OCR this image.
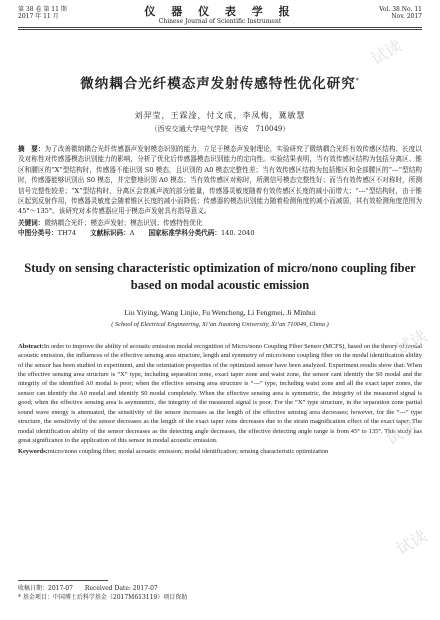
第 38 卷 第 11 期
2017 年 11 月	仪 器 仪 表 学 报
Chinese Journal of Scientific Instrument
Vol. 38 No. 11
Nov. 2017
微纳耦合光纤模态声发射传感特性优化研究*
刘羿莹，王霖淦，付文成，李凤梅，冀敏慧
（西安交通大学电气学院　西安　710049）
摘　要：为了改善微纳耦合光纤传感器声发射模态识别的能力，立足于模态声发射理论，实验研究了微纳耦合光纤有效传感区结构、长度以及对称性对传感器模态识别能力的影响，分析了优化后传感器模态识别能力的定向性。实验结果表明，当有效传感区结构为包括分离区、锥区和腰区的“X”型结构时，传感器不能识别 S0 模态，且识别的 A0 模态完整性差；当有效传感区结构为包括锥区和全部腰区的“---”型结构时，传感器能够识别出 S0 模态，并完整地识别 A0 模态；当有效传感区对称时，所测信号模态完整性好；而当有效传感区不对称时，所测信号完整性较差；“X”型结构时，分离区会衰减声波的部分能量，传感器灵敏度随着有效传感区长度的减小而增大；“---”型结构时，由于锥区起到反射作用，传感器灵敏度会随着锥区长度的减小而降低；传感器的模态识别能力随着检测角度的减小而减弱，其有效检测角度范围为 45°～135°。该研究对本传感器应用于模态声发射具有指导意义。
关键词：微纳耦合光纤；模态声发射；模态识别；传感特性优化
中图分类号：TH74 文献标识码：A 国家标准学科分类代码：140. 2040
Study on sensing characteristic optimization of micro/nono coupling fiber based on modal acoustic emission
Liu Yiying, Wang Linjie, Fu Wencheng, Li Fengmei, Ji Minhui
( School of Electrical Engineering, Xi’an Jiaotong University, Xi’an 710049, China )
Abstract:In order to improve the ability of acoustic emission modal recognition of Micro/nono Coupling Fiber Sensor (MCFS), based on the theory of modal acoustic emission, the influences of the effective sensing area structure, length and symmetry of micro/nono coupling fiber on the modal identification ability of the sensor has been studied in experiment, and the orientation properties of the optimized sensor have been analyzed. Experiment results show that: When the effective sensing area structure is “X” type, including separation zone, exact taper zone and waist zone, the sensor cant identify the S0 modal and the integrity of the identified A0 modal is poor; when the effective sensing area structure is “---” type, including waist zone and all the exact taper zones, the sensor can identify the A0 modal and identify S0 modal completely. When the effective sensing area is symmetric, the integrity of the measured signal is good; when the effective sensing area is asymmetric, the integrity of the measured signal is poor. For the “X” type structure, in the separation zone partial sound wave energy is attenuated, the sensitivity of the sensor increases as the length of the effective sensing area decreases; however, for the “---” type structure, the sensitivity of the sensor decreases as the length of the exact taper zone decreases due to the strain magnification effect of the exact taper. The modal identification ability of the sensor decreases as the detecting angle decreases, the effective detecting angle range is from 45° to 135°. This study has great significance to the application of this sensor in modal acoustic emission.
Keywords:micro/nono coupling fiber; modal acoustic emission; modal identification; sensing characteristic optimization
收稿日期：2017-07　　Received Date: 2017-07
* 基金项目：中国博士后科学基金（2017M613119）项目资助
试读
试读
试读
试读
